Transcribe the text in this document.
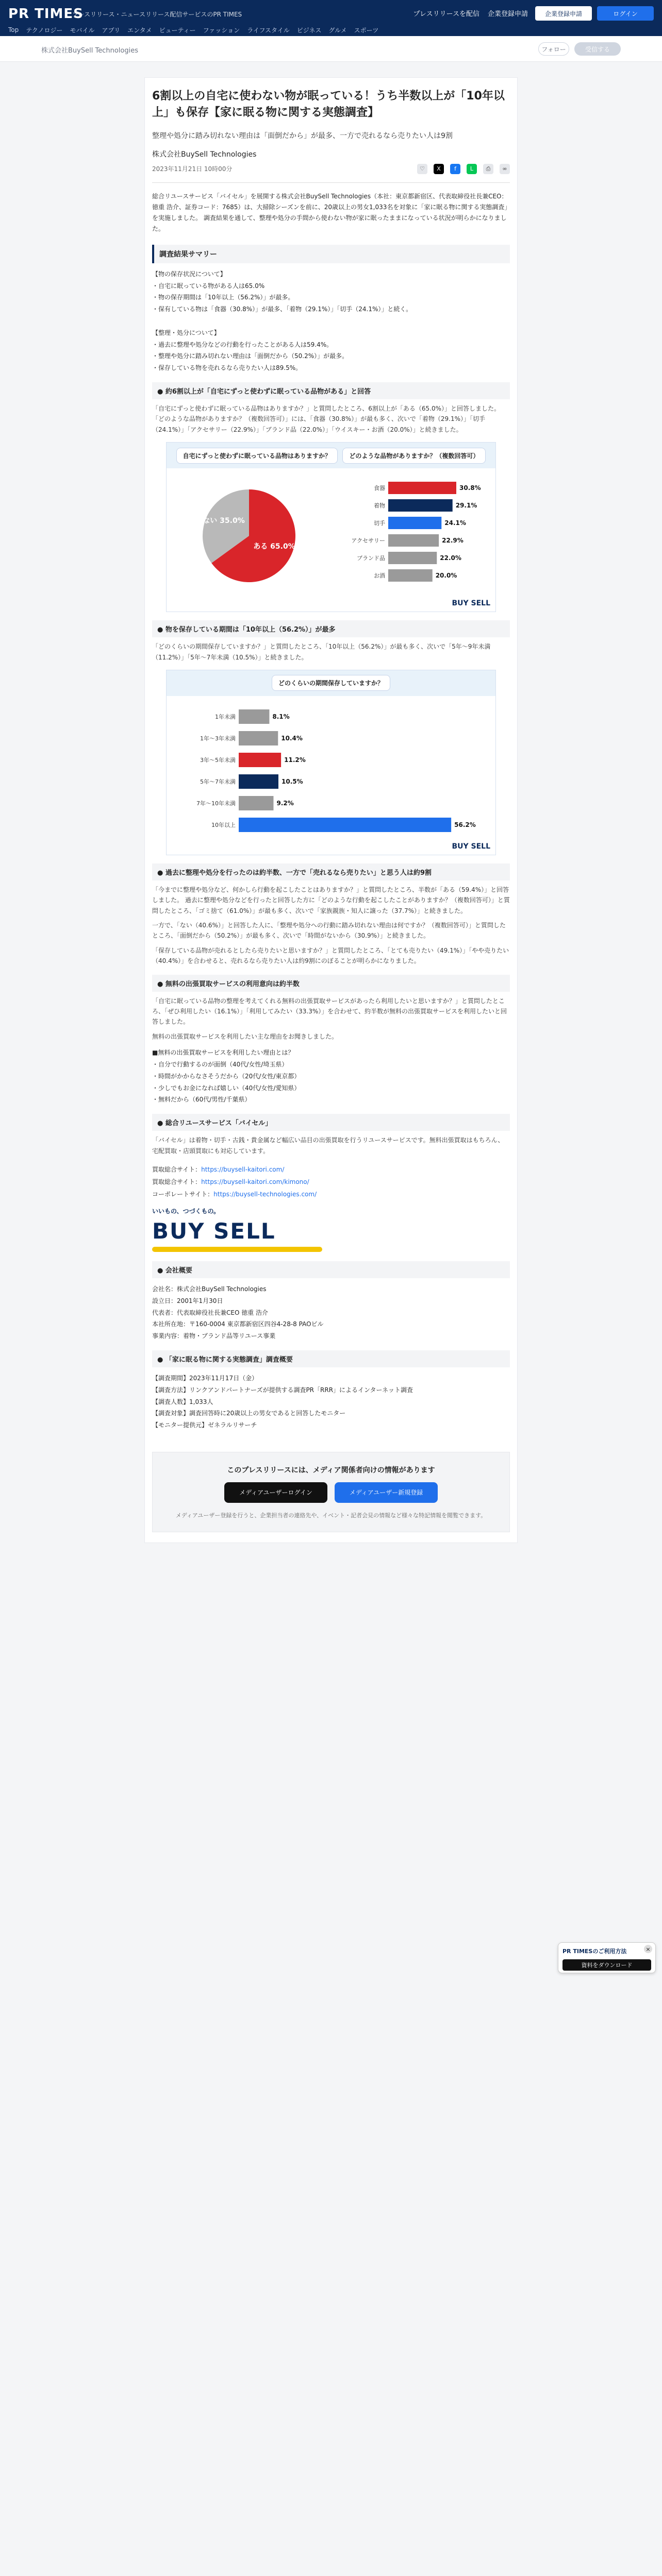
PR TIMES
プレスリリース・ニュースリリース配信サービスのPR TIMES	プレスリリースを配信 企業登録申請	企業登録申請	ログイン
Top テクノロジー モバイル アプリ エンタメ ビューティー ファッション ライフスタイル ビジネス グルメ スポーツ
株式会社BuySell Technologies	フォロー	受信する
6割以上の自宅に使わない物が眠っている！うち半数以上が「10年以上」も保存【家に眠る物に関する実態調査】
整理や処分に踏み切れない理由は「面倒だから」が最多、一方で売れるなら売りたい人は9割
株式会社BuySell Technologies
2023年11月21日 10時00分	♡	X	f	L	⎙	∞
総合リユースサービス「バイセル」を展開する株式会社BuySell Technologies（本社：東京都新宿区、代表取締役社長兼CEO：徳重 浩介、証券コード：7685）は、大掃除シーズンを前に、20歳以上の男女1,033名を対象に「家に眠る物に関する実態調査」を実施しました。 調査結果を通して、整理や処分の手間から使わない物が家に眠ったままになっている状況が明らかになりました。
調査結果サマリー
【物の保存状況について】
・自宅に眠っている物がある人は65.0%
・物の保存期間は「10年以上（56.2%）」が最多。
・保有している物は「食器（30.8%）」が最多、「着物（29.1%）」「切手（24.1%）」と続く。

【整理・処分について】
・過去に整理や処分などの行動を行ったことがある人は59.4%。
・整理や処分に踏み切れない理由は「面倒だから（50.2%）」が最多。
・保存している物を売れるなら売りたい人は89.5%。
● 約6割以上が「自宅にずっと使わずに眠っている品物がある」と回答
「自宅にずっと使わずに眠っている品物はありますか？」と質問したところ、6割以上が「ある（65.0%）」と回答しました。 「どのような品物がありますか？（複数回答可）」には、「食器（30.8%）」が最も多く、次いで「着物（29.1%）」「切手（24.1%）」「アクセサリー（22.9%）」「ブランド品（22.0%）」「ウイスキー・お酒（20.0%）」と続きました。
自宅にずっと使わずに眠っている品物はありますか？	どのような品物がありますか？（複数回答可）
ある 65.0%
ない 35.0%
食器	30.8%
着物	29.1%
切手	24.1%
アクセサリー	22.9%
ブランド品	22.0%
お酒	20.0%
BUY SELL
● 物を保存している期間は「10年以上（56.2%）」が最多
「どのくらいの期間保存していますか？」と質問したところ、「10年以上（56.2%）」が最も多く、次いで「5年〜9年未満（11.2%）」「5年〜7年未満（10.5%）」と続きました。
どのくらいの期間保存していますか？
1年未満	8.1%
1年〜3年未満	10.4%
3年〜5年未満	11.2%
5年〜7年未満	10.5%
7年〜10年未満	9.2%
10年以上	56.2%
BUY SELL
● 過去に整理や処分を行ったのは約半数、一方で「売れるなら売りたい」と思う人は約9割
「今までに整理や処分など、何かしら行動を起こしたことはありますか？」と質問したところ、半数が「ある（59.4%）」と回答しました。 過去に整理や処分などを行ったと回答した方に「どのような行動を起こしたことがありますか？（複数回答可）」と質問したところ、「ゴミ捨て（61.0%）」が最も多く、次いで「家族親族・知人に譲った（37.7%）」と続きました。
一方で、「ない（40.6%）」と回答した人に、「整理や処分への行動に踏み切れない理由は何ですか？（複数回答可）」と質問したところ、「面倒だから（50.2%）」が最も多く、次いで「時間がないから（30.9%）」と続きました。
「保存している品物が売れるとしたら売りたいと思いますか？」と質問したところ、「とても売りたい（49.1%）」「やや売りたい（40.4%）」を合わせると、売れるなら売りたい人は約9割にのぼることが明らかになりました。
● 無料の出張買取サービスの利用意向は約半数
「自宅に眠っている品物の整理を考えてくれる無料の出張買取サービスがあったら利用したいと思いますか？」と質問したところ、「ぜひ利用したい（16.1%）」「利用してみたい（33.3%）」を合わせて、約半数が無料の出張買取サービスを利用したいと回答しました。
無料の出張買取サービスを利用したい主な理由をお聞きしました。
■無料の出張買取サービスを利用したい理由とは？
・自分で行動するのが面倒（40代/女性/埼玉県）
・時間がかからなさそうだから（20代/女性/東京都）
・少しでもお金になれば嬉しい（40代/女性/愛知県）
・無料だから（60代/男性/千葉県）
● 総合リユースサービス「バイセル」
「バイセル」は着物・切手・古銭・貴金属など幅広い品目の出張買取を行うリユースサービスです。無料出張買取はもちろん、宅配買取・店頭買取にも対応しています。
買取総合サイト：https://buysell-kaitori.com/
買取総合サイト：https://buysell-kaitori.com/kimono/
コーポレートサイト：https://buysell-technologies.com/
いいもの、つづくもの。
BUY SELL
● 会社概要
会社名：株式会社BuySell Technologies
設立日：2001年1月30日
代表者：代表取締役社長兼CEO 徳重 浩介
本社所在地：〒160-0004 東京都新宿区四谷4-28-8 PAOビル
事業内容：着物・ブランド品等リユース事業
● 「家に眠る物に関する実態調査」調査概要
【調査期間】2023年11月17日（金）
【調査方法】リンクアンドパートナーズが提供する調査PR「RRR」によるインターネット調査
【調査人数】1,033人
【調査対象】調査回答時に20歳以上の男女であると回答したモニター
【モニター提供元】ゼネラルリサーチ
このプレスリリースには、メディア関係者向けの情報があります
メディアユーザーログイン	メディアユーザー新規登録
メディアユーザー登録を行うと、企業担当者の連絡先や、イベント・記者会見の情報など様々な特記情報を閲覧できます。
×
PR TIMESのご利用方法
資料をダウンロード
